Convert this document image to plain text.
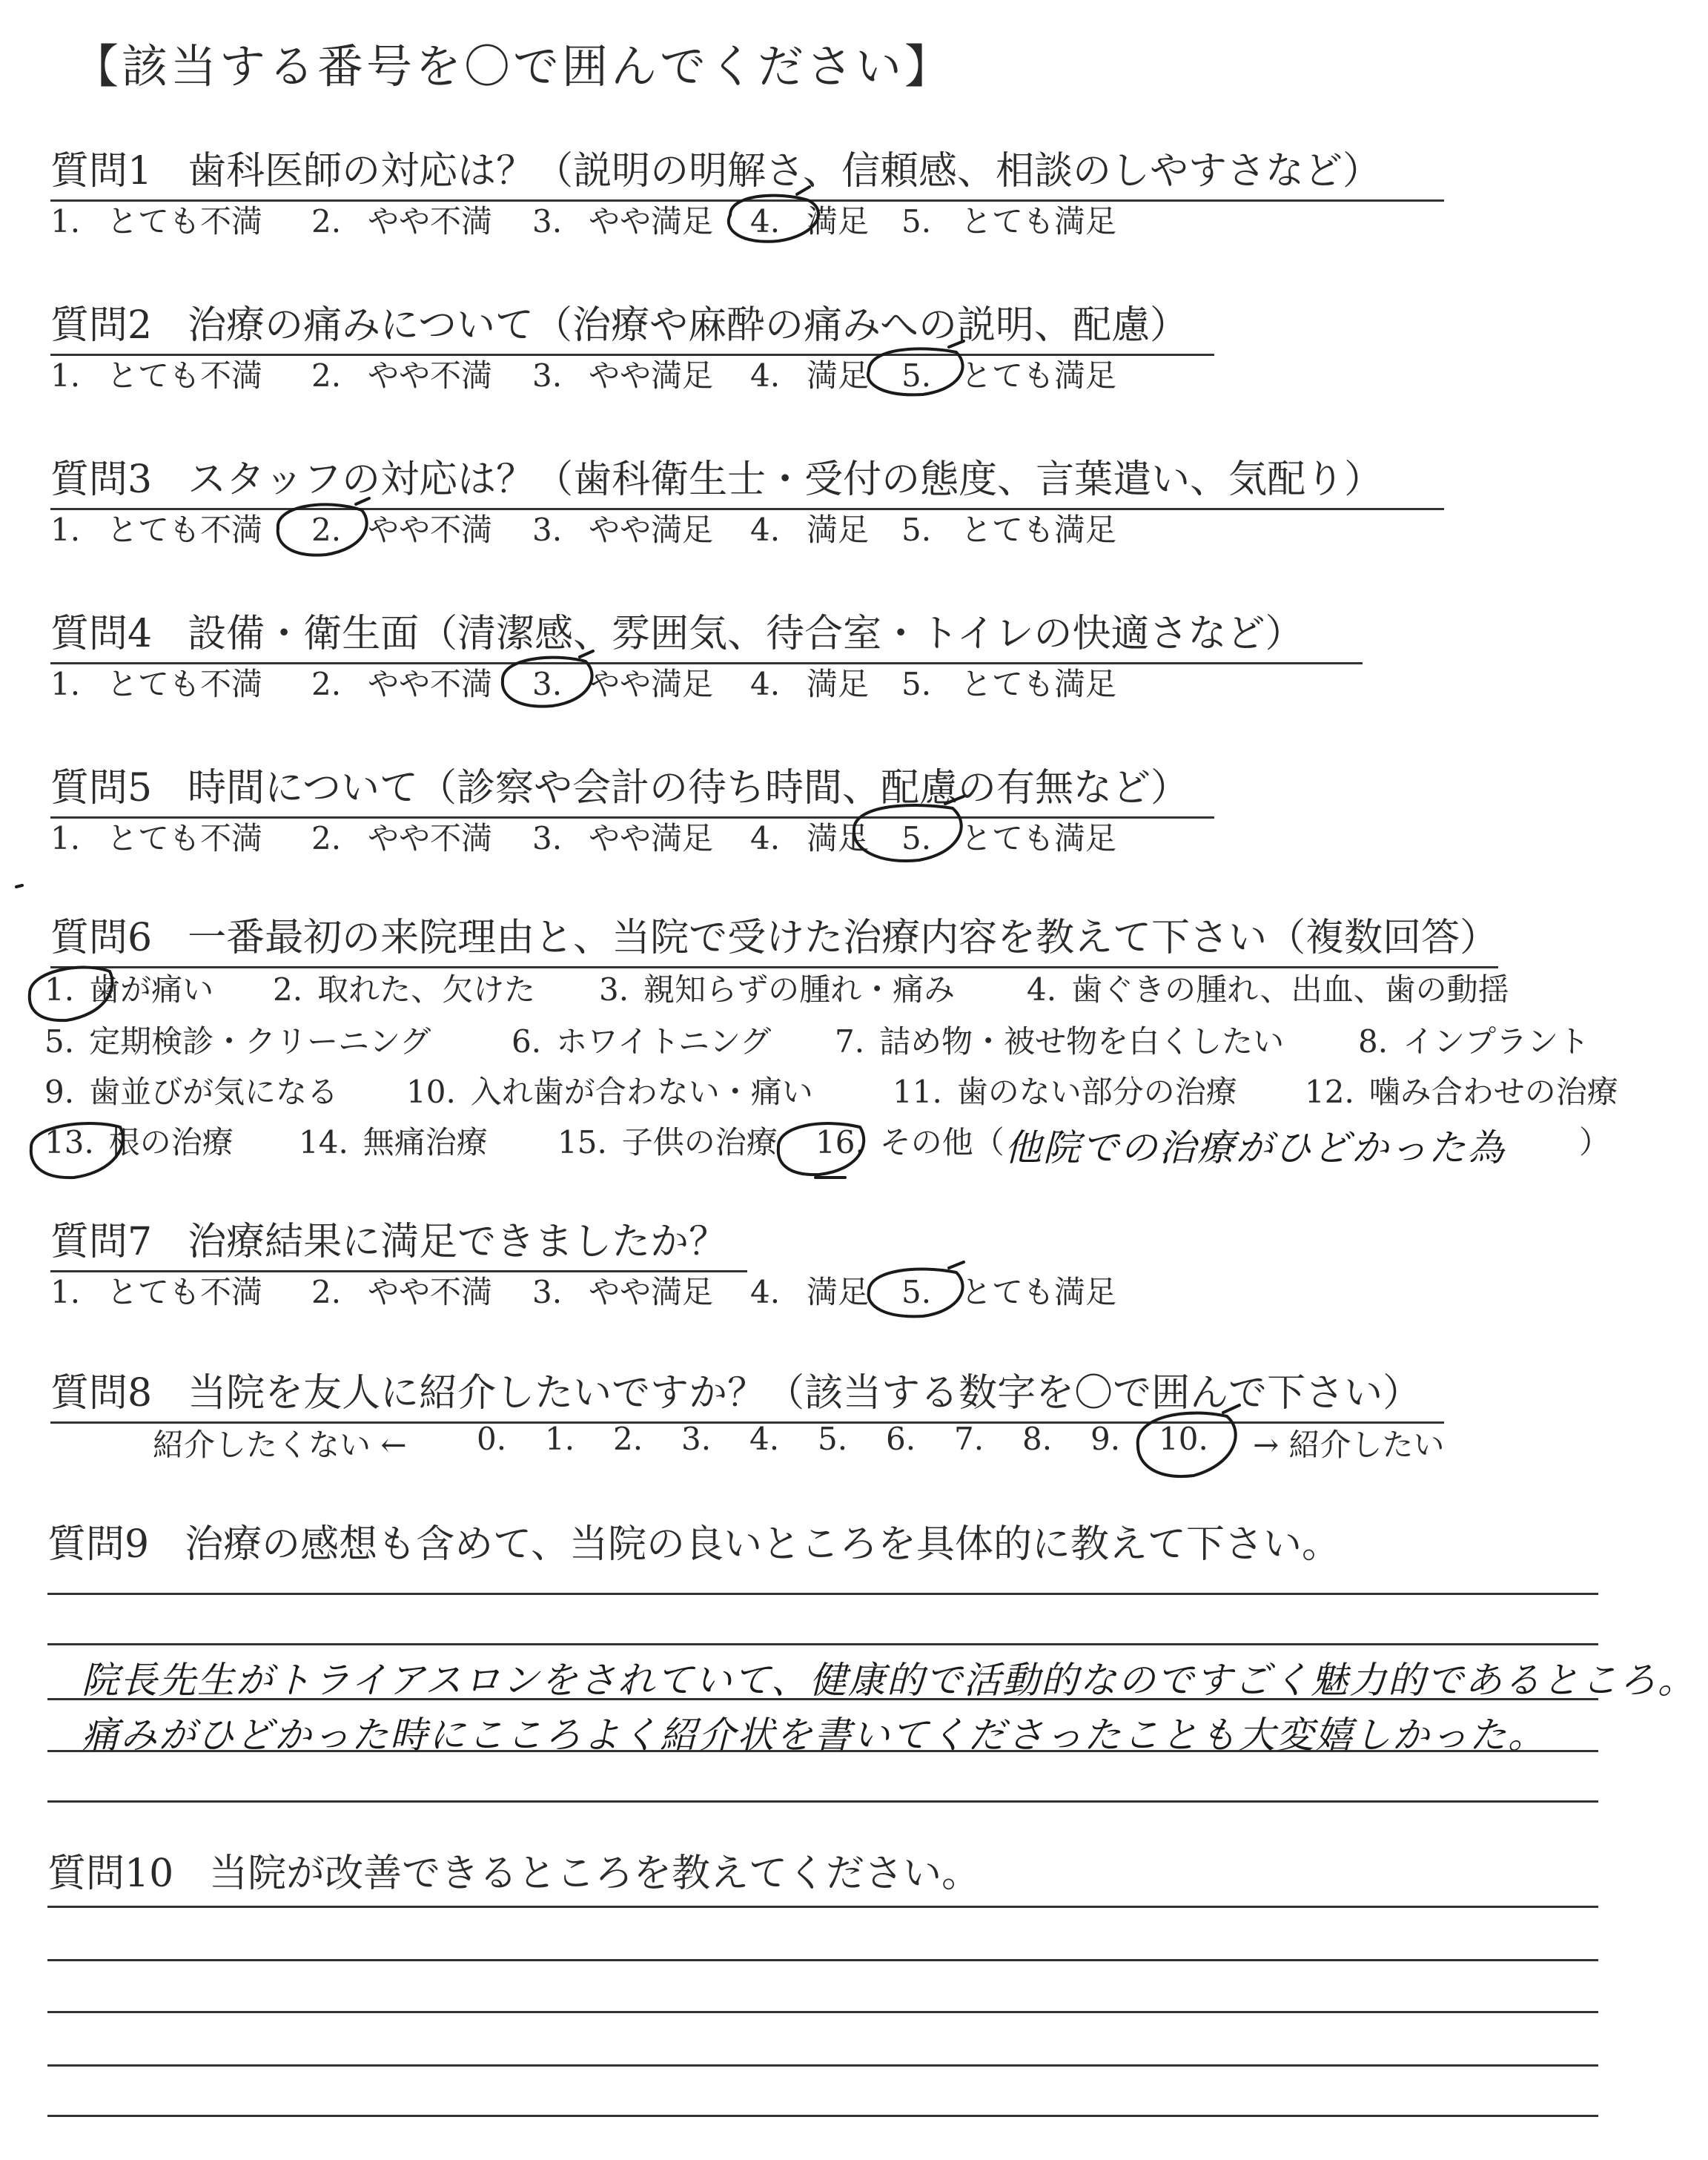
【該当する番号を〇で囲んでください】
質問1 歯科医師の対応は？（説明の明解さ、信頼感、相談のしやすさなど）
1. とても不満 2. やや不満 3. やや満足 4. 満足 5. とても満足
質問2 治療の痛みについて（治療や麻酔の痛みへの説明、配慮）
1. とても不満 2. やや不満 3. やや満足 4. 満足 5. とても満足
質問3 スタッフの対応は？（歯科衛生士・受付の態度、言葉遣い、気配り）
1. とても不満 2. やや不満 3. やや満足 4. 満足 5. とても満足
質問4 設備・衛生面（清潔感、雰囲気、待合室・トイレの快適さなど）
1. とても不満 2. やや不満 3. やや満足 4. 満足 5. とても満足
質問5 時間について（診察や会計の待ち時間、配慮の有無など）
1. とても不満 2. やや不満 3. やや満足 4. 満足 5. とても満足
質問6 一番最初の来院理由と、当院で受けた治療内容を教えて下さい（複数回答）
1. 歯が痛い 2. 取れた、欠けた 3. 親知らずの腫れ・痛み 4. 歯ぐきの腫れ、出血、歯の動揺
5. 定期検診・クリーニング	6. ホワイトニング 7. 詰め物・被せ物を白くしたい 8. インプラント
9. 歯並びが気になる 10. 入れ歯が合わない・痛い	11. 歯のない部分の治療 12. 噛み合わせの治療
13. 根の治療 14. 無痛治療 15. 子供の治療 16. その他（ 他院での治療がひどかった為 ）
質問7 治療結果に満足できましたか？
1. とても不満 2. やや不満 3. やや満足 4. 満足 5. とても満足
質問8 当院を友人に紹介したいですか？（該当する数字を〇で囲んで下さい）
紹介したくない ← 0. 1. 2. 3. 4. 5. 6. 7. 8. 9. 10. → 紹介したい
質問9 治療の感想も含めて、当院の良いところを具体的に教えて下さい。
院長先生がトライアスロンをされていて、健康的で活動的なのですごく魅力的であるところ。
痛みがひどかった時にこころよく紹介状を書いてくださったことも大変嬉しかった。
質問10 当院が改善できるところを教えてください。
